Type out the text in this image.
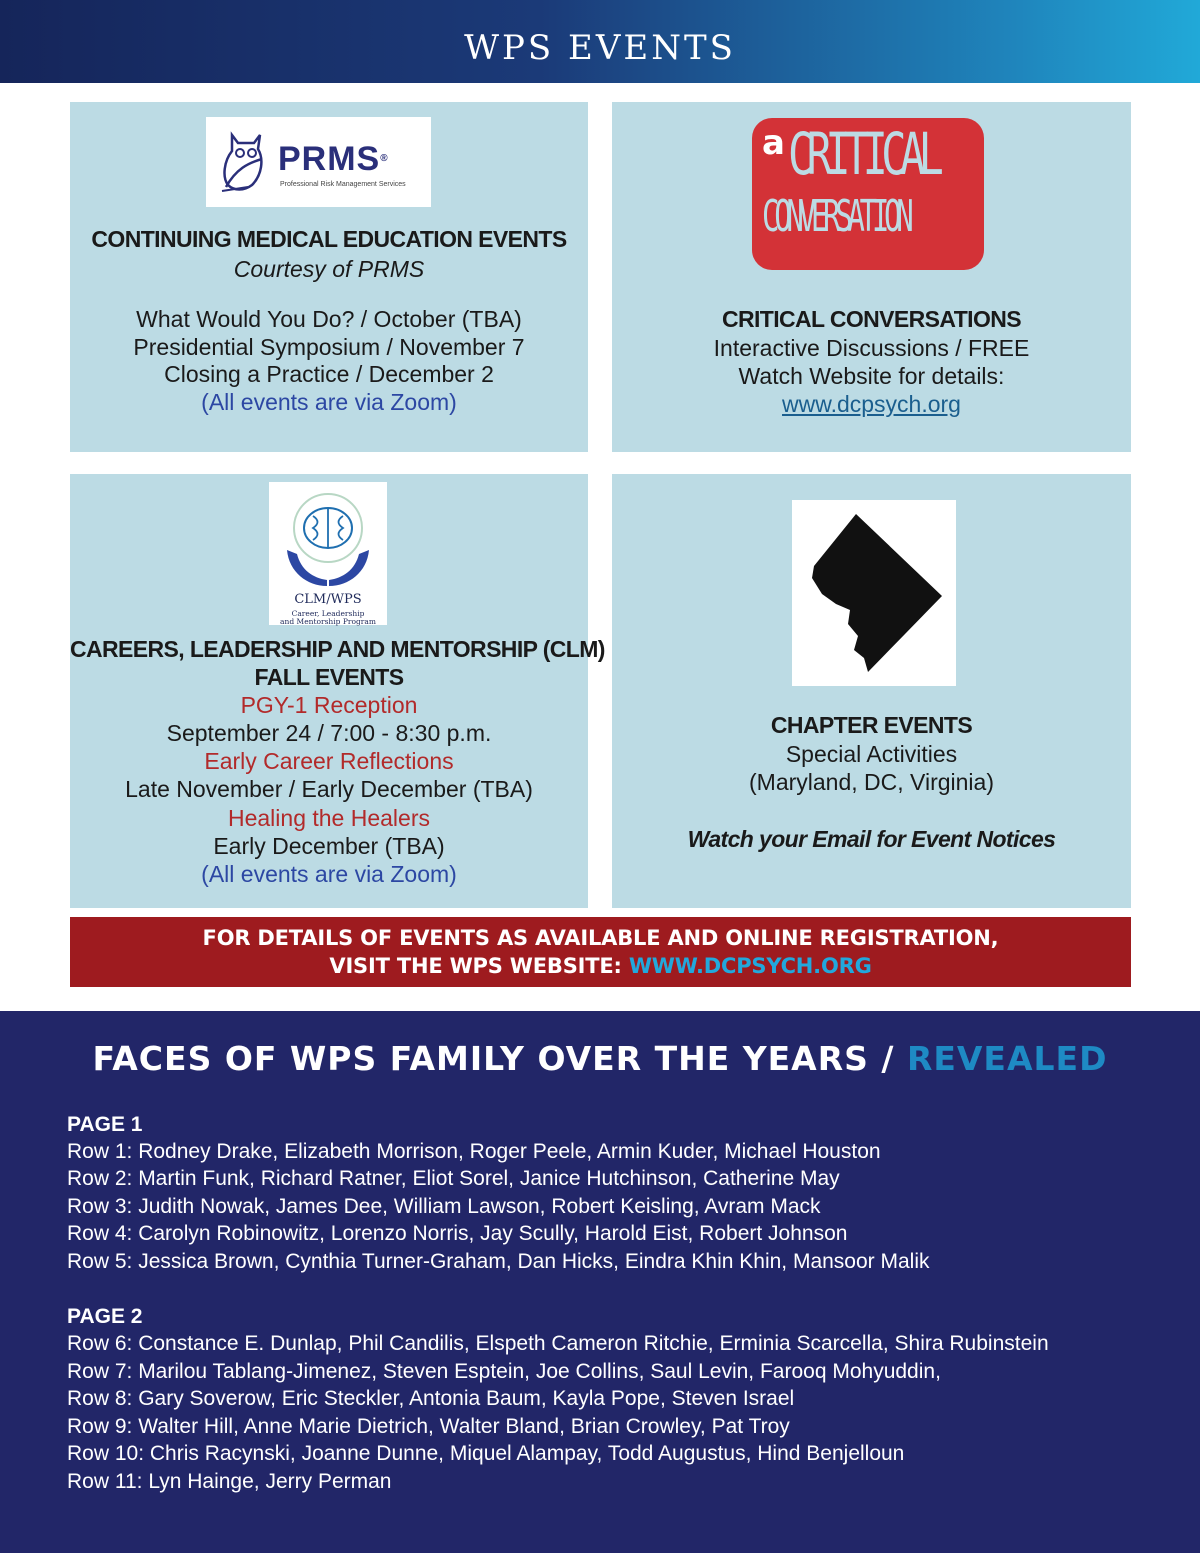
WPS EVENTS
PRMS®
Professional Risk Management Services
CONTINUING MEDICAL EDUCATION EVENTS
Courtesy of PRMS
What Would You Do? / October (TBA)
Presidential Symposium / November 7
Closing a Practice / December 2
(All events are via Zoom)
a CRITICAL
CONVERSATION
CRITICAL CONVERSATIONS
Interactive Discussions / FREE
Watch Website for details:
www.dcpsych.org
CLM/WPS
Career, Leadership
and Mentorship Program
CAREERS, LEADERSHIP AND MENTORSHIP (CLM)
FALL EVENTS
PGY-1 Reception
September 24 / 7:00 - 8:30 p.m.
Early Career Reflections
Late November / Early December (TBA)
Healing the Healers
Early December (TBA)
(All events are via Zoom)
CHAPTER EVENTS
Special Activities
(Maryland, DC, Virginia)
Watch your Email for Event Notices
FOR DETAILS OF EVENTS AS AVAILABLE AND ONLINE REGISTRATION,
VISIT THE WPS WEBSITE: WWW.DCPSYCH.ORG
FACES OF WPS FAMILY OVER THE YEARS / REVEALED
PAGE 1
Row 1: Rodney Drake, Elizabeth Morrison, Roger Peele, Armin Kuder, Michael Houston
Row 2: Martin Funk, Richard Ratner, Eliot Sorel, Janice Hutchinson, Catherine May
Row 3: Judith Nowak, James Dee, William Lawson, Robert Keisling, Avram Mack
Row 4: Carolyn Robinowitz, Lorenzo Norris, Jay Scully, Harold Eist, Robert Johnson
Row 5: Jessica Brown, Cynthia Turner-Graham, Dan Hicks, Eindra Khin Khin, Mansoor Malik
PAGE 2
Row 6: Constance E. Dunlap, Phil Candilis, Elspeth Cameron Ritchie, Erminia Scarcella, Shira Rubinstein
Row 7: Marilou Tablang-Jimenez, Steven Esptein, Joe Collins, Saul Levin, Farooq Mohyuddin,
Row 8: Gary Soverow, Eric Steckler, Antonia Baum, Kayla Pope, Steven Israel
Row 9: Walter Hill, Anne Marie Dietrich, Walter Bland, Brian Crowley, Pat Troy
Row 10: Chris Racynski, Joanne Dunne, Miquel Alampay, Todd Augustus, Hind Benjelloun
Row 11: Lyn Hainge, Jerry Perman
